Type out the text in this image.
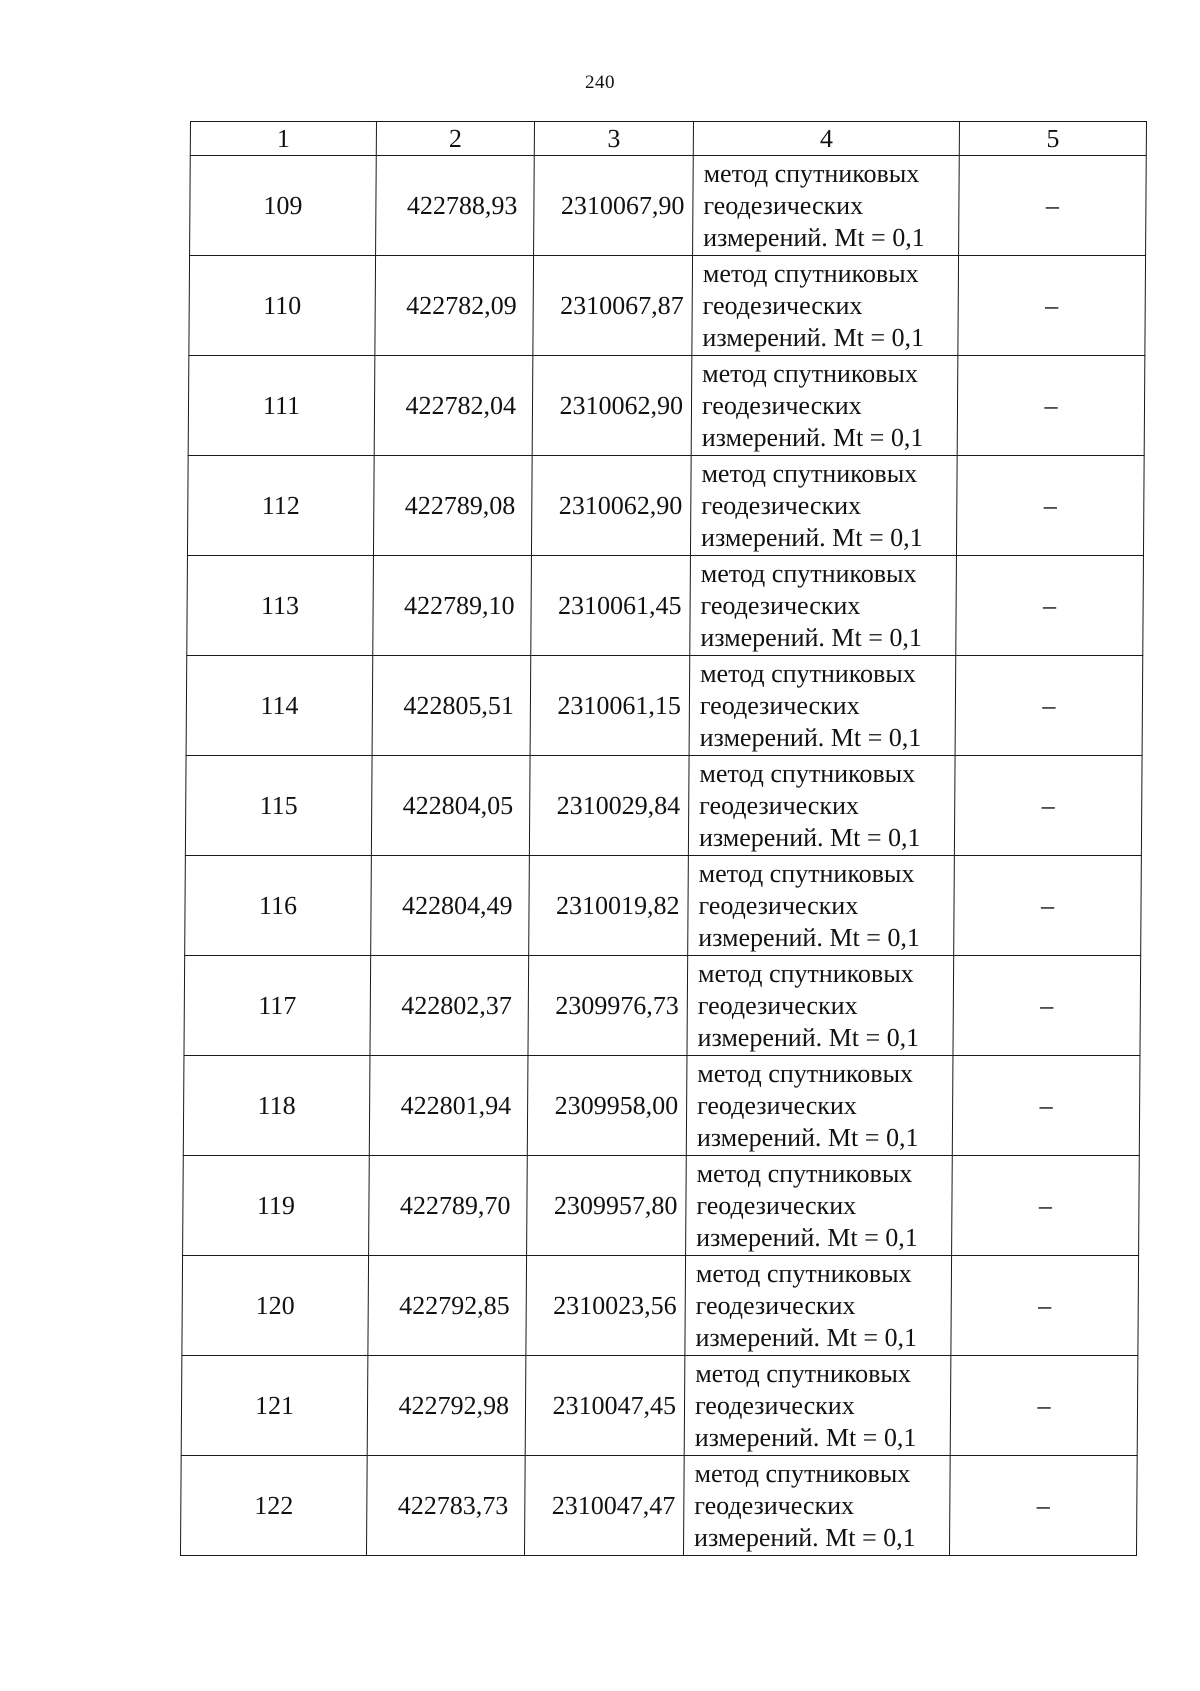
240
1	2	3	4	5
109	422788,93	2310067,90	метод спутниковых
геодезических
измерений. Mt = 0,1	–
110	422782,09	2310067,87	метод спутниковых
геодезических
измерений. Mt = 0,1	–
111	422782,04	2310062,90	метод спутниковых
геодезических
измерений. Mt = 0,1	–
112	422789,08	2310062,90	метод спутниковых
геодезических
измерений. Mt = 0,1	–
113	422789,10	2310061,45	метод спутниковых
геодезических
измерений. Mt = 0,1	–
114	422805,51	2310061,15	метод спутниковых
геодезических
измерений. Mt = 0,1	–
115	422804,05	2310029,84	метод спутниковых
геодезических
измерений. Mt = 0,1	–
116	422804,49	2310019,82	метод спутниковых
геодезических
измерений. Mt = 0,1	–
117	422802,37	2309976,73	метод спутниковых
геодезических
измерений. Mt = 0,1	–
118	422801,94	2309958,00	метод спутниковых
геодезических
измерений. Mt = 0,1	–
119	422789,70	2309957,80	метод спутниковых
геодезических
измерений. Mt = 0,1	–
120	422792,85	2310023,56	метод спутниковых
геодезических
измерений. Mt = 0,1	–
121	422792,98	2310047,45	метод спутниковых
геодезических
измерений. Mt = 0,1	–
122	422783,73	2310047,47	метод спутниковых
геодезических
измерений. Mt = 0,1	–
